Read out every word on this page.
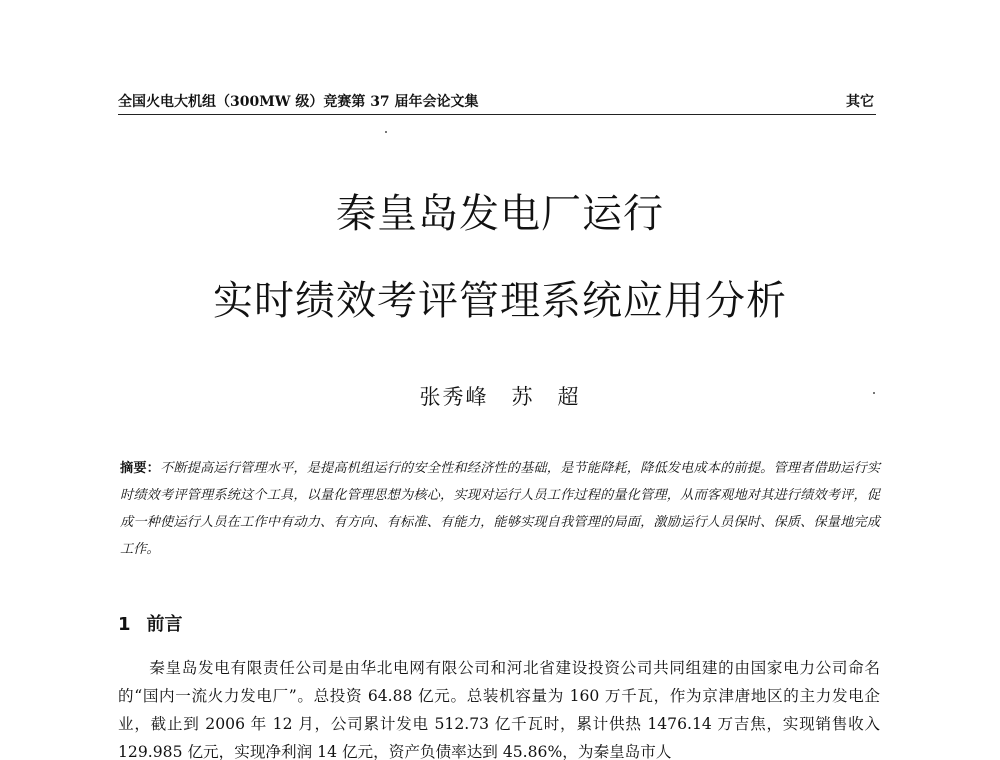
全国火电大机组（300MW 级）竞赛第 37 届年会论文集	其它
秦皇岛发电厂运行
实时绩效考评管理系统应用分析
张秀峰　苏　超
摘要：不断提高运行管理水平，是提高机组运行的安全性和经济性的基础，是节能降耗，降低发电成本的前提。管理者借助运行实时绩效考评管理系统这个工具，以量化管理思想为核心，实现对运行人员工作过程的量化管理，从而客观地对其进行绩效考评，促成一种使运行人员在工作中有动力、有方向、有标准、有能力，能够实现自我管理的局面，激励运行人员保时、保质、保量地完成工作。
1 前言
秦皇岛发电有限责任公司是由华北电网有限公司和河北省建设投资公司共同组建的由国家电力公司命名的“国内一流火力发电厂”。总投资 64.88 亿元。总装机容量为 160 万千瓦，作为京津唐地区的主力发电企业，截止到 2006 年 12 月，公司累计发电 512.73 亿千瓦时，累计供热 1476.14 万吉焦，实现销售收入 129.985 亿元，实现净利润 14 亿元，资产负债率达到 45.86%，为秦皇岛市人
